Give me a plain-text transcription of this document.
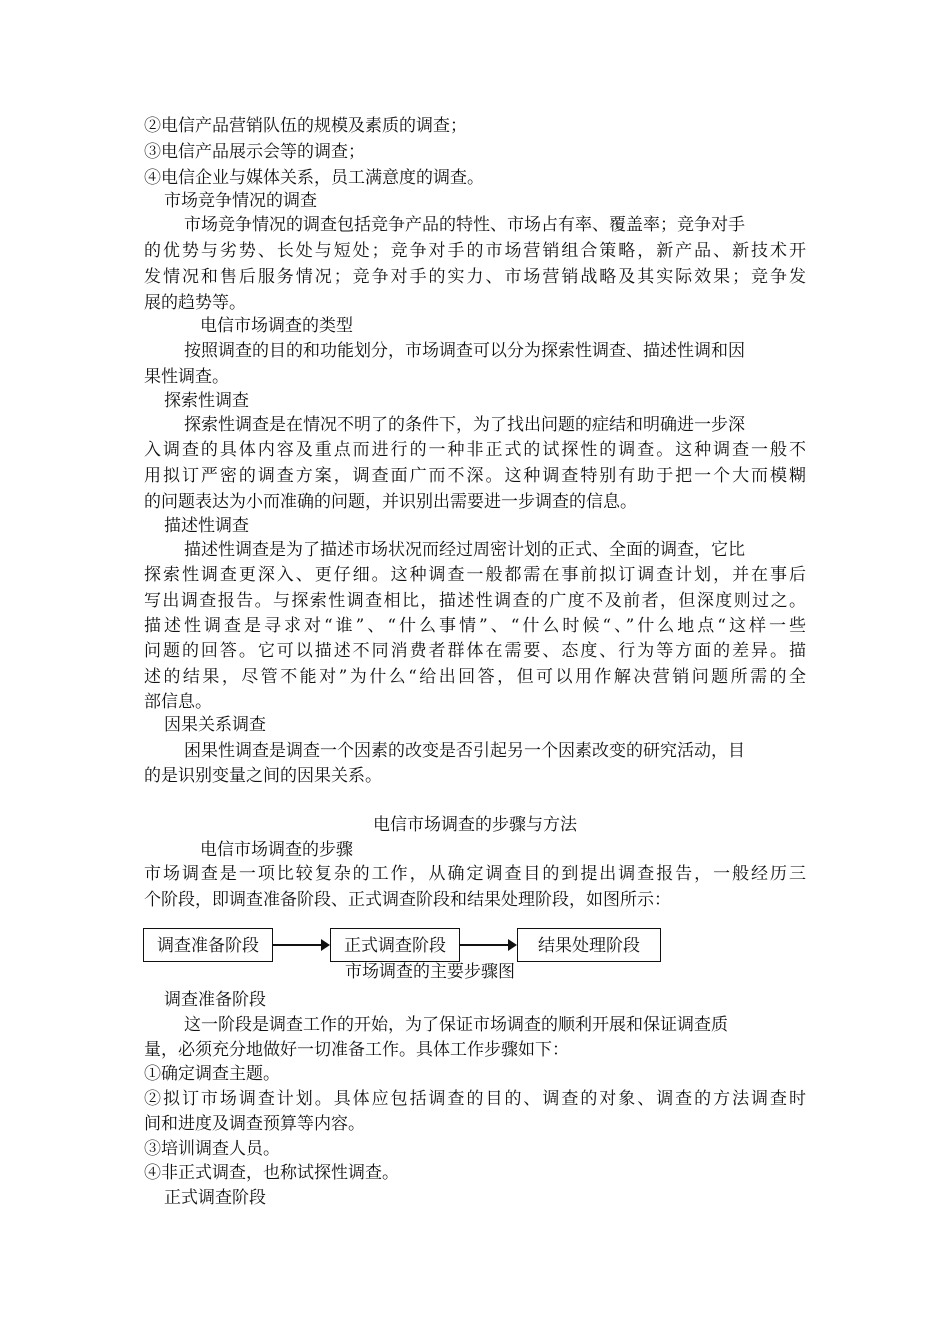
②电信产品营销队伍的规模及素质的调查；
③电信产品展示会等的调查；
④电信企业与媒体关系，员工满意度的调查。
市场竞争情况的调查
市场竞争情况的调查包括竞争产品的特性、市场占有率、覆盖率；竞争对手
的优势与劣势、长处与短处；竞争对手的市场营销组合策略，新产品、新技术开
发情况和售后服务情况；竞争对手的实力、市场营销战略及其实际效果；竞争发
展的趋势等。
电信市场调查的类型
按照调查的目的和功能划分，市场调查可以分为探索性调查、描述性调和因
果性调查。
探索性调查
探索性调查是在情况不明了的条件下，为了找出问题的症结和明确进一步深
入调查的具体内容及重点而进行的一种非正式的试探性的调查。这种调查一般不
用拟订严密的调查方案，调查面广而不深。这种调查特别有助于把一个大而模糊
的问题表达为小而准确的问题，并识别出需要进一步调查的信息。
描述性调查
描述性调查是为了描述市场状况而经过周密计划的正式、全面的调查，它比
探索性调查更深入、更仔细。这种调查一般都需在事前拟订调查计划，并在事后
写出调查报告。与探索性调查相比，描述性调查的广度不及前者，但深度则过之。
描述性调查是寻求对“谁”、“什么事情”、“什么时候“、”什么地点“这样一些
问题的回答。它可以描述不同消费者群体在需要、态度、行为等方面的差异。描
述的结果，尽管不能对”为什么“给出回答，但可以用作解决营销问题所需的全
部信息。
因果关系调查
困果性调查是调查一个因素的改变是否引起另一个因素改变的研究活动，目
的是识别变量之间的因果关系。
电信市场调查的步骤与方法
电信市场调查的步骤
市场调查是一项比较复杂的工作，从确定调查目的到提出调查报告，一般经历三
个阶段，即调查准备阶段、正式调查阶段和结果处理阶段，如图所示：
调查准备阶段	正式调查阶段	结果处理阶段
市场调查的主要步骤图
调查准备阶段
这一阶段是调查工作的开始，为了保证市场调查的顺利开展和保证调查质
量，必须充分地做好一切准备工作。具体工作步骤如下：
①确定调查主题。
②拟订市场调查计划。具体应包括调查的目的、调查的对象、调查的方法调查时
间和进度及调查预算等内容。
③培训调查人员。
④非正式调查，也称试探性调查。
正式调查阶段
